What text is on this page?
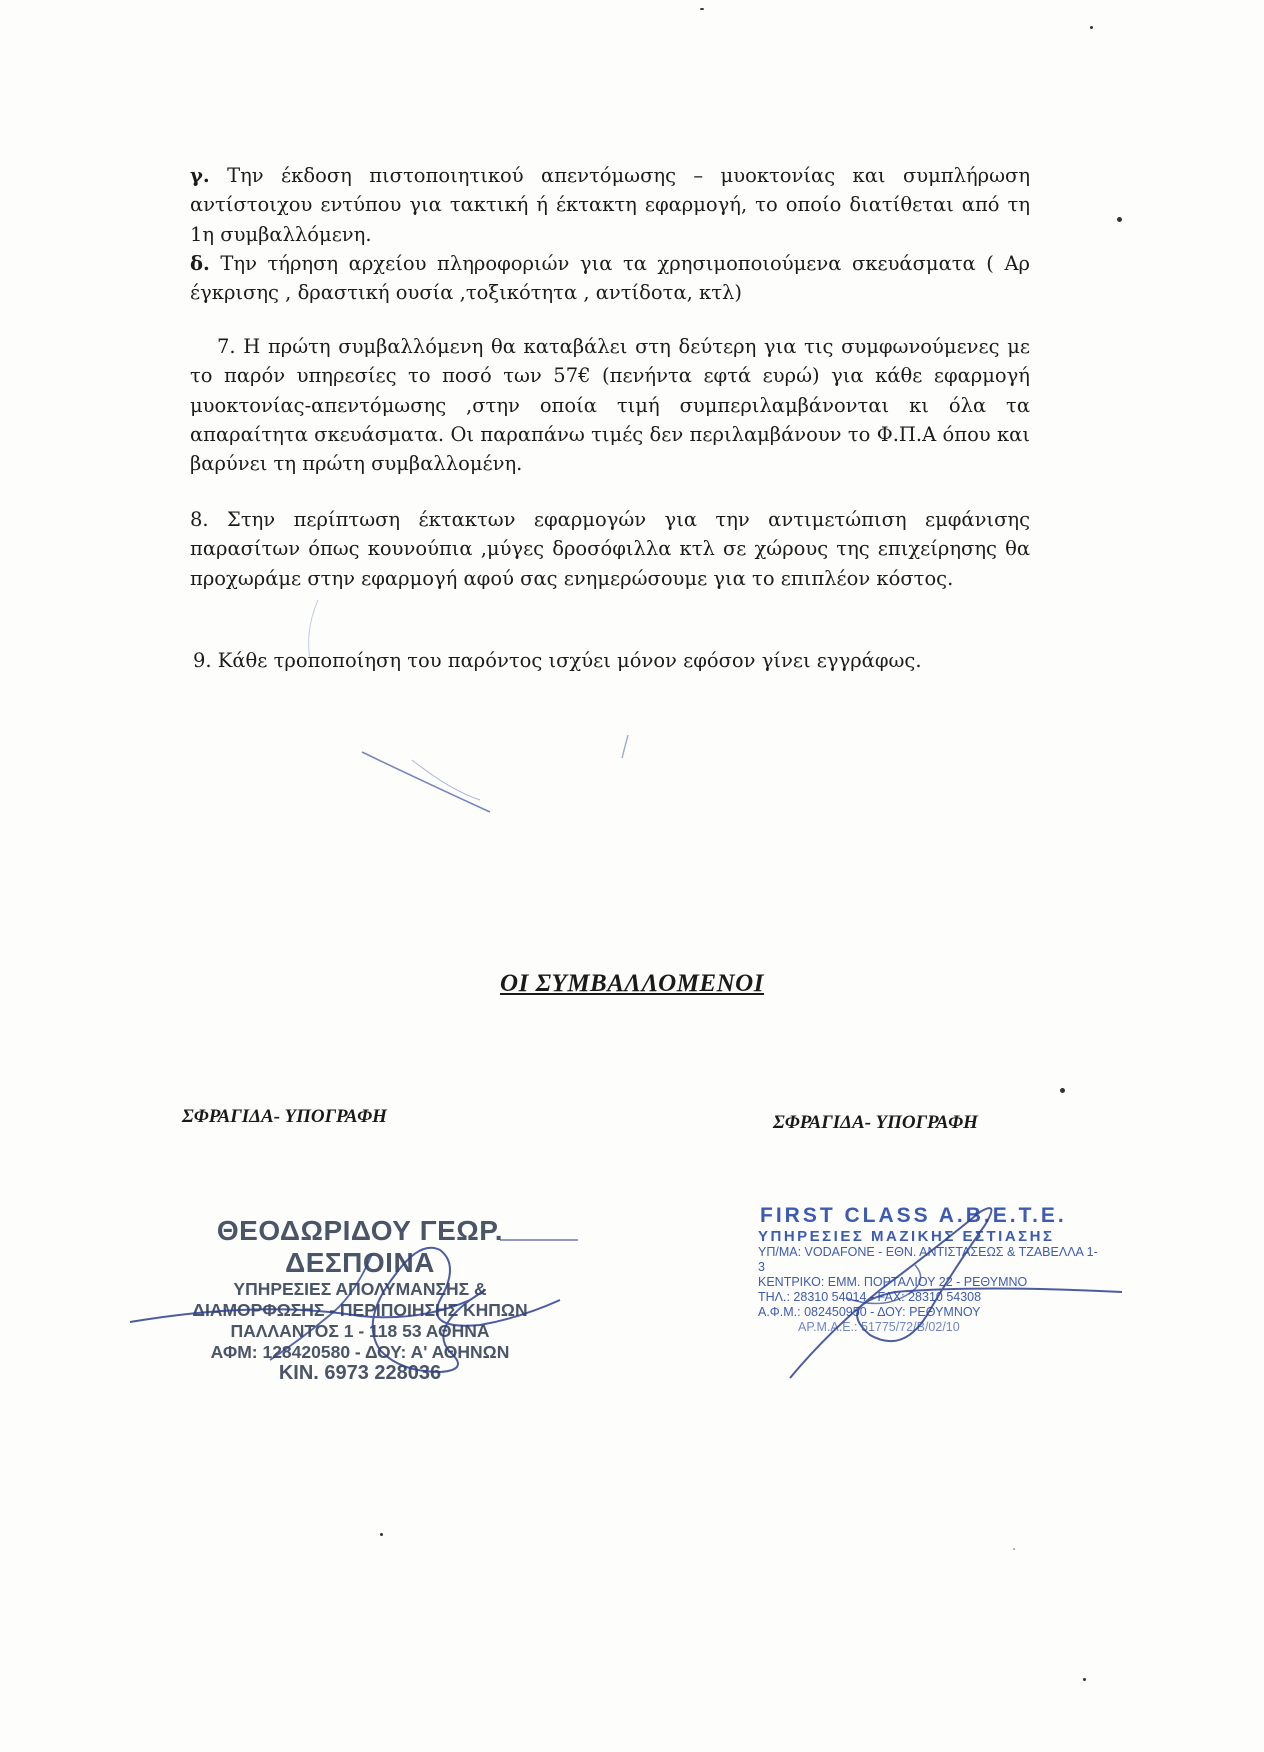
γ. Την έκδοση πιστοποιητικού απεντόμωσης – μυοκτονίας και συμπλήρωση αντίστοιχου εντύπου για τακτική ή έκτακτη εφαρμογή, το οποίο διατίθεται από τη 1η συμβαλλόμενη.
δ. Την τήρηση αρχείου πληροφοριών για τα χρησιμοποιούμενα σκευάσματα ( Αρ έγκρισης , δραστική ουσία ,τοξικότητα , αντίδοτα, κτλ)
7. Η πρώτη συμβαλλόμενη θα καταβάλει στη δεύτερη για τις συμφωνούμενες με το παρόν υπηρεσίες το ποσό των 57€ (πενήντα εφτά ευρώ) για κάθε εφαρμογή μυοκτονίας-απεντόμωσης ,στην οποία τιμή συμπεριλαμβάνονται κι όλα τα απαραίτητα σκευάσματα. Οι παραπάνω τιμές δεν περιλαμβάνουν το Φ.Π.Α όπου και βαρύνει τη πρώτη συμβαλλομένη.
8. Στην περίπτωση έκτακτων εφαρμογών για την αντιμετώπιση εμφάνισης παρασίτων όπως κουνούπια ,μύγες δροσόφιλλα κτλ σε χώρους της επιχείρησης θα προχωράμε στην εφαρμογή αφού σας ενημερώσουμε για το επιπλέον κόστος.
9. Κάθε τροποποίηση του παρόντος ισχύει μόνον εφόσον γίνει εγγράφως.
ΟΙ ΣΥΜΒΑΛΛΟΜΕΝΟΙ
ΣΦΡΑΓΙΔΑ- ΥΠΟΓΡΑΦΗ	ΣΦΡΑΓΙΔΑ- ΥΠΟΓΡΑΦΗ
ΘΕΟΔΩΡΙΔΟΥ ΓΕΩΡ. ΔΕΣΠΟΙΝΑ
ΥΠΗΡΕΣΙΕΣ ΑΠΟΛΥΜΑΝΣΗΣ &
ΔΙΑΜΟΡΦΩΣΗΣ - ΠΕΡΙΠΟΙΗΣΗΣ ΚΗΠΩΝ
ΠΑΛΛΑΝΤΟΣ 1 - 118 53 ΑΘΗΝΑ
ΑΦΜ: 128420580 - ΔΟΥ: Α' ΑΘΗΝΩΝ
ΚΙΝ. 6973 228036
FIRST CLASS A.B.E.T.E.
ΥΠΗΡΕΣΙΕΣ ΜΑΖΙΚΗΣ ΕΣΤΙΑΣΗΣ
ΥΠ/ΜΑ: VODAFONE - ΕΘΝ. ΑΝΤΙΣΤΑΣΕΩΣ & ΤΖΑΒΕΛΛΑ 1-3
ΚΕΝΤΡΙΚΟ: ΕΜΜ. ΠΟΡΤΑΛΙΟΥ 22 - ΡΕΘΥΜΝΟ
ΤΗΛ.: 28310 54014 - FAX: 28310 54308
Α.Φ.Μ.: 082450950 - ΔΟΥ: ΡΕΘΥΜΝΟΥ
ΑΡ.Μ.Α.Ε.: 51775/72/Β/02/10
